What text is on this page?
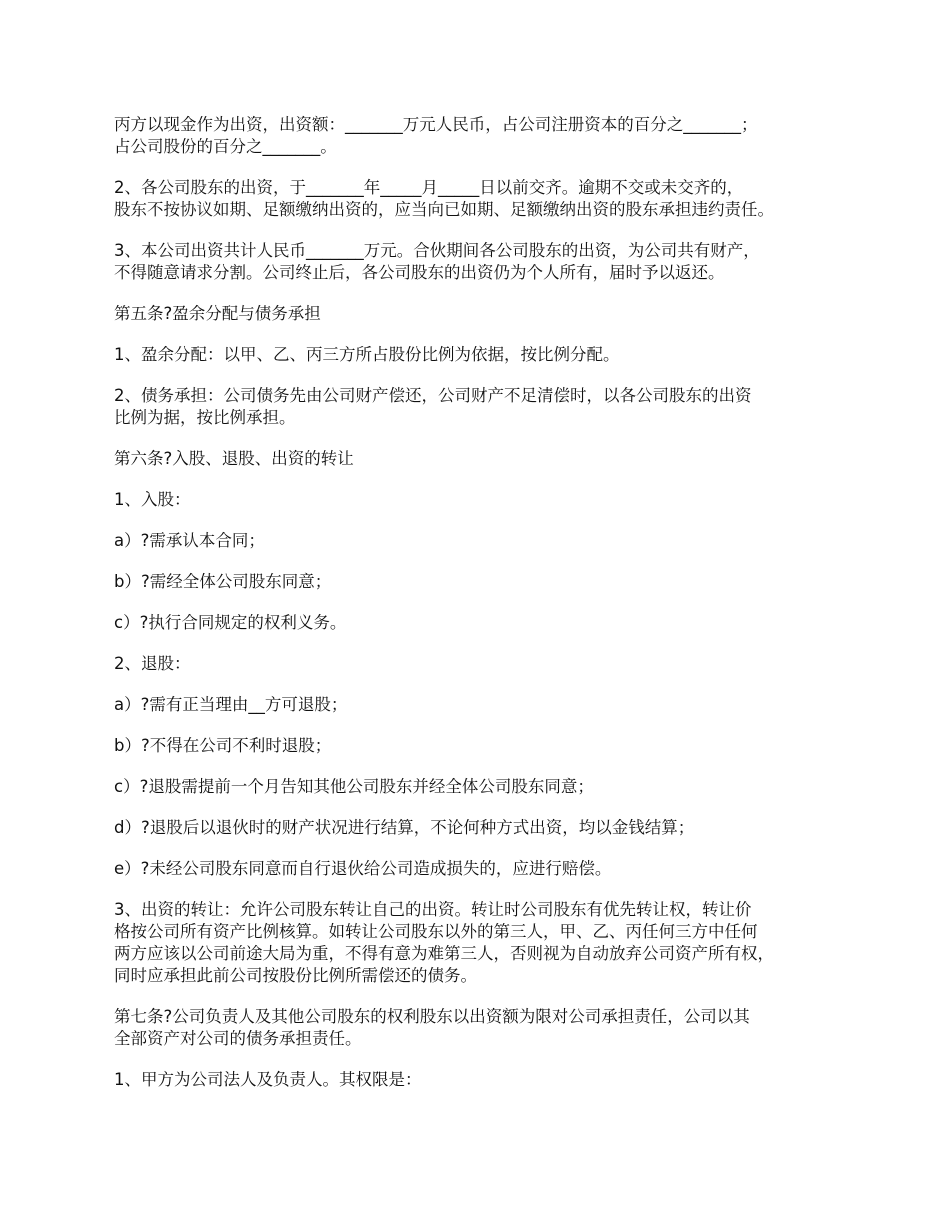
丙方以现金作为出资，出资额：_______万元人民币，占公司注册资本的百分之_______；
占公司股份的百分之_______。

2、各公司股东的出资，于_______年_____月_____日以前交齐。逾期不交或未交齐的，
股东不按协议如期、足额缴纳出资的，应当向已如期、足额缴纳出资的股东承担违约责任。

3、本公司出资共计人民币_______万元。合伙期间各公司股东的出资，为公司共有财产，
不得随意请求分割。公司终止后，各公司股东的出资仍为个人所有，届时予以返还。

第五条?盈余分配与债务承担

1、盈余分配：以甲、乙、丙三方所占股份比例为依据，按比例分配。

2、债务承担：公司债务先由公司财产偿还，公司财产不足清偿时，以各公司股东的出资
比例为据，按比例承担。

第六条?入股、退股、出资的转让

1、入股：

a）?需承认本合同；

b）?需经全体公司股东同意；

c）?执行合同规定的权利义务。

2、退股：

a）?需有正当理由__方可退股；

b）?不得在公司不利时退股；

c）?退股需提前一个月告知其他公司股东并经全体公司股东同意；

d）?退股后以退伙时的财产状况进行结算，不论何种方式出资，均以金钱结算；

e）?未经公司股东同意而自行退伙给公司造成损失的，应进行赔偿。

3、出资的转让：允许公司股东转让自己的出资。转让时公司股东有优先转让权，转让价
格按公司所有资产比例核算。如转让公司股东以外的第三人，甲、乙、丙任何三方中任何
两方应该以公司前途大局为重，不得有意为难第三人，否则视为自动放弃公司资产所有权，
同时应承担此前公司按股份比例所需偿还的债务。

第七条?公司负责人及其他公司股东的权利股东以出资额为限对公司承担责任，公司以其
全部资产对公司的债务承担责任。

1、甲方为公司法人及负责人。其权限是：
